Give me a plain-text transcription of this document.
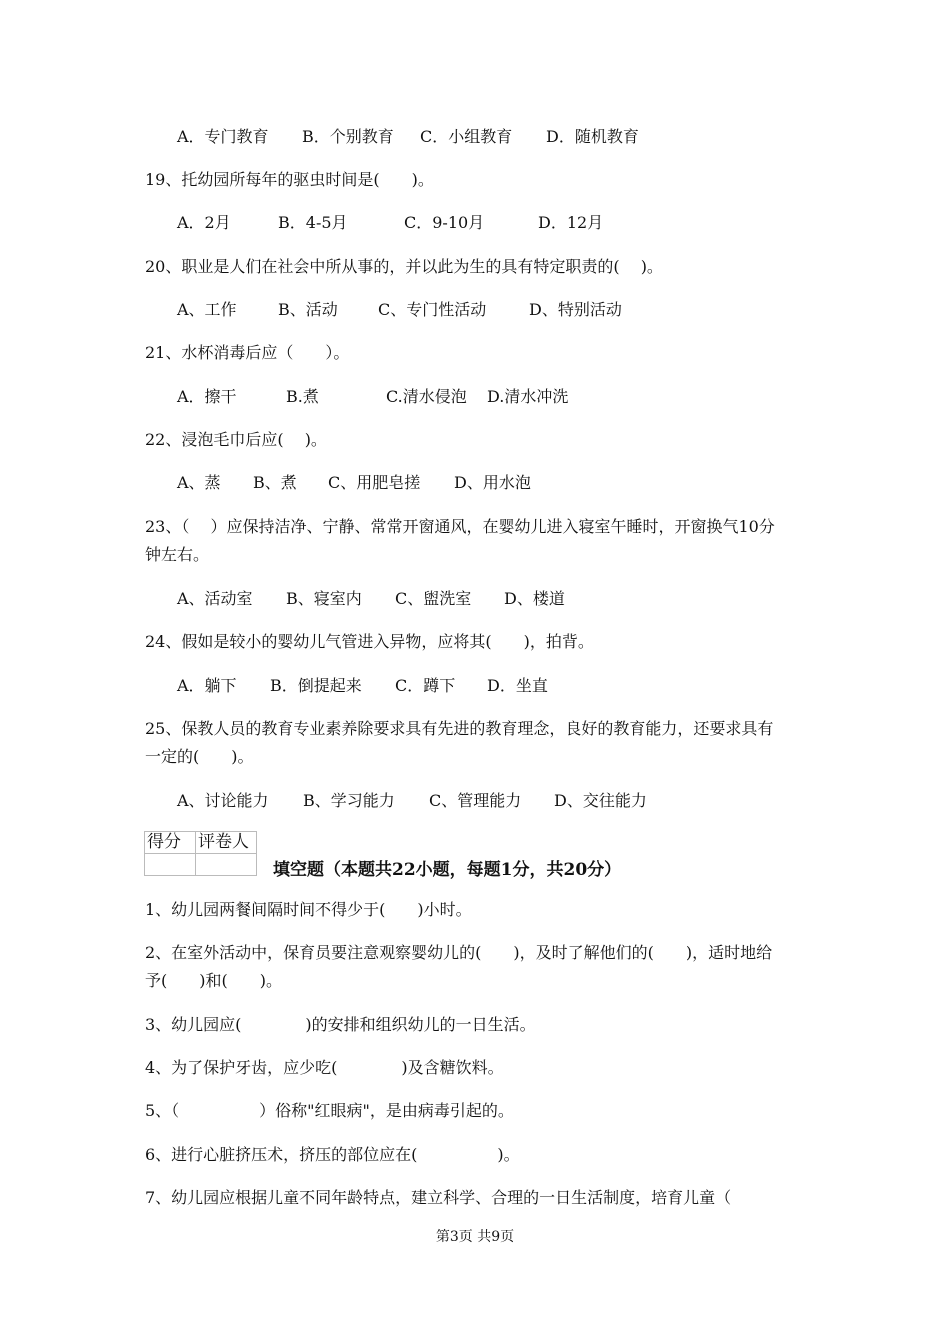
A．专门教育 B．个别教育 C．小组教育 D．随机教育
19、托幼园所每年的驱虫时间是(　　)。
A．2月	B．4-5月	C．9-10月	D．12月
20、职业是人们在社会中所从事的，并以此为生的具有特定职责的(　 )。
A、工作	B、活动	C、专门性活动	D、特别活动
21、水杯消毒后应（　　）。
A．擦干	B.煮	C.清水侵泡 D.清水冲洗
22、浸泡毛巾后应(　 )。
A、蒸 B、煮 C、用肥皂搓 D、用水泡
23、（　 ）应保持洁净、宁静、常常开窗通风，在婴幼儿进入寝室午睡时，开窗换气10分
钟左右。
A、活动室 B、寝室内 C、盥洗室 D、楼道
24、假如是较小的婴幼儿气管进入异物，应将其(　　)，拍背。
A．躺下 B．倒提起来 C．蹲下 D．坐直
25、保教人员的教育专业素养除要求具有先进的教育理念，良好的教育能力，还要求具有
一定的(　　)。
A、讨论能力 B、学习能力 C、管理能力 D、交往能力
得分	评卷人

填空题（本题共22小题，每题1分，共20分）
1、幼儿园两餐间隔时间不得少于(　　)小时。
2、在室外活动中，保育员要注意观察婴幼儿的(　　)，及时了解他们的(　　)，适时地给
予(　　)和(　　)。
3、幼儿园应(　　　　)的安排和组织幼儿的一日生活。
4、为了保护牙齿，应少吃(　　　　)及含糖饮料。
5、（　　　　　）俗称"红眼病"，是由病毒引起的。
6、进行心脏挤压术，挤压的部位应在(　　　　　)。
7、幼儿园应根据儿童不同年龄特点，建立科学、合理的一日生活制度，培育儿童（
第3页 共9页
